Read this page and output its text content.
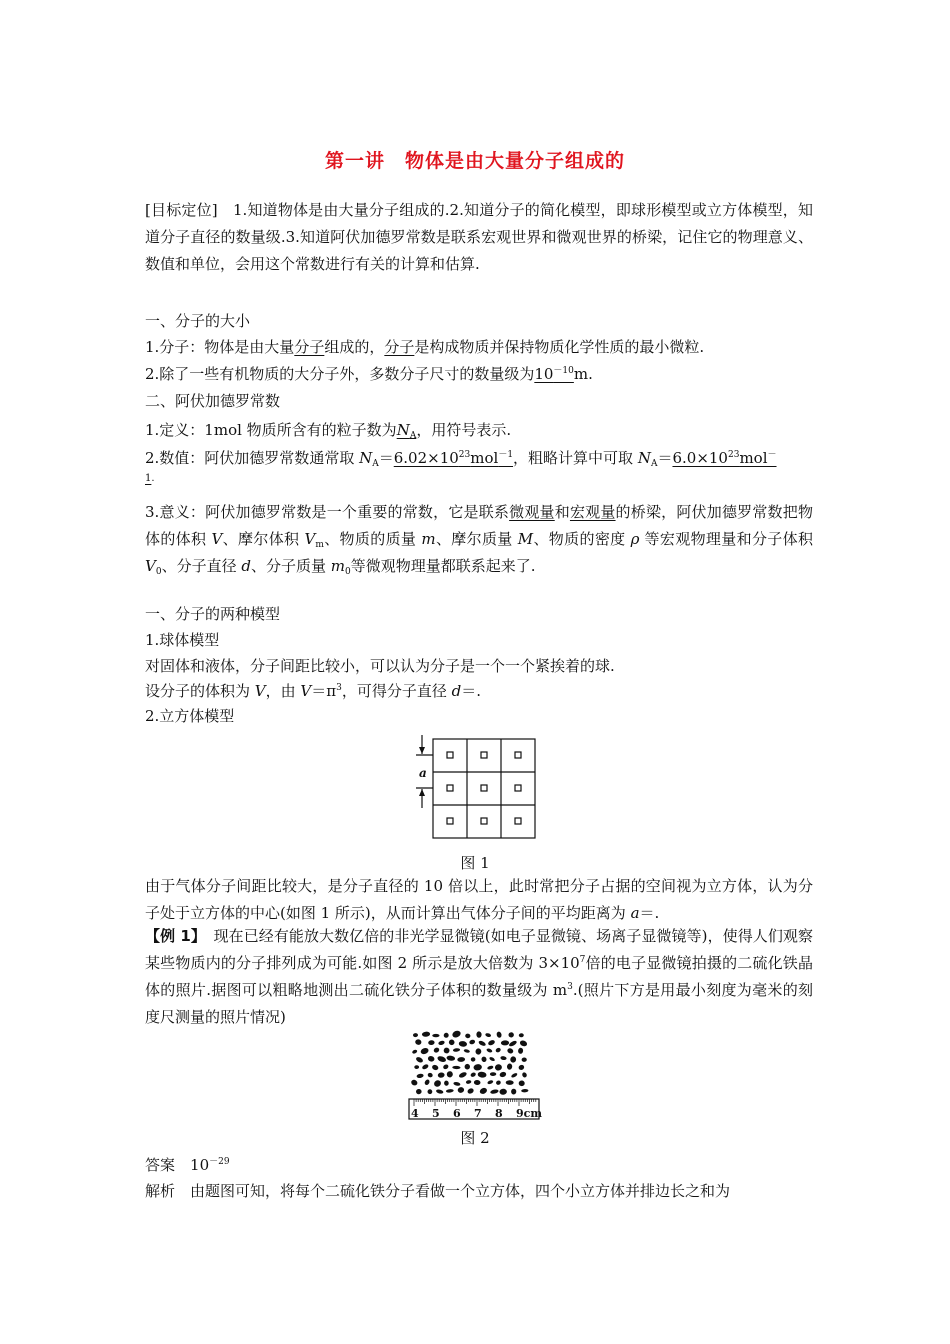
第一讲　物体是由大量分子组成的
[目标定位]　1.知道物体是由大量分子组成的.2.知道分子的简化模型，即球形模型或立方体模型，知道分子直径的数量级.3.知道阿伏加德罗常数是联系宏观世界和微观世界的桥梁，记住它的物理意义、数值和单位，会用这个常数进行有关的计算和估算.
一、分子的大小
1.分子：物体是由大量分子组成的，分子是构成物质并保持物质化学性质的最小微粒.
2.除了一些有机物质的大分子外，多数分子尺寸的数量级为$10^{-10}m$.
二、阿伏加德罗常数
1.定义：1mol 物质所含有的粒子数为$N_A$，用符号表示.
2.数值：阿伏加德罗常数通常取 $N_A=6.02\times 10^{23}mol^{-1}$，粗略计算中可取 $N_A=6.0\times 10^{23}mol^-$
1.
3.意义：阿伏加德罗常数是一个重要的常数，它是联系微观量和宏观量的桥梁，阿伏加德罗常数把物体的体积 V、摩尔体积 $V_m$、物质的质量 m、摩尔质量 M、物质的密度 ρ 等宏观物理量和分子体积 $V_0$、分子直径 d、分子质量 $m_0$等微观物理量都联系起来了.
一、分子的两种模型
1.球体模型
对固体和液体，分子间距比较小，可以认为分子是一个一个紧挨着的球.
设分子的体积为 V，由 $V=\pi^3$，可得分子直径 d＝.
2.立方体模型
a
图 1
由于气体分子间距比较大，是分子直径的 10 倍以上，此时常把分子占据的空间视为立方体，认为分子处于立方体的中心(如图 1 所示)，从而计算出气体分子间的平均距离为 a＝.
【例 1】　现在已经有能放大数亿倍的非光学显微镜(如电子显微镜、场离子显微镜等)，使得人们观察某些物质内的分子排列成为可能.如图 2 所示是放大倍数为 $3\times 10^7$倍的电子显微镜拍摄的二硫化铁晶体的照片.据图可以粗略地测出二硫化铁分子体积的数量级为 $m^3$.(照片下方是用最小刻度为毫米的刻度尺测量的照片情况)
4 5 6 7 8 9cm
图 2
答案　 $10^{-29}$
解析　 由题图可知，将每个二硫化铁分子看做一个立方体，四个小立方体并排边长之和为
